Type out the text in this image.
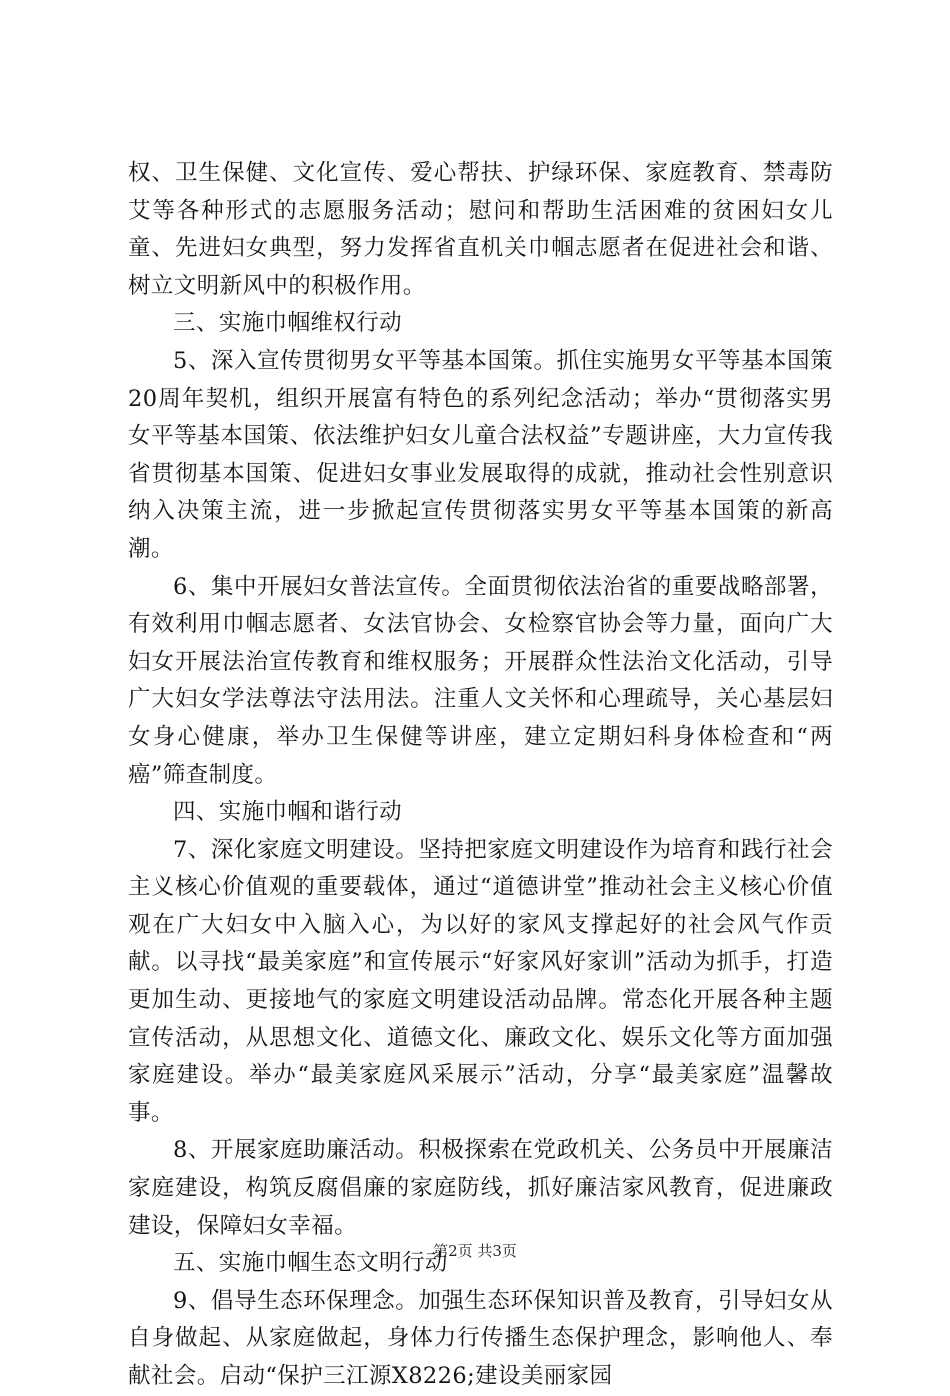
权、卫生保健、文化宣传、爱心帮扶、护绿环保、家庭教育、禁毒防艾等各种形式的志愿服务活动；慰问和帮助生活困难的贫困妇女儿童、先进妇女典型，努力发挥省直机关巾帼志愿者在促进社会和谐、树立文明新风中的积极作用。

三、实施巾帼维权行动

5、深入宣传贯彻男女平等基本国策。抓住实施男女平等基本国策20周年契机，组织开展富有特色的系列纪念活动；举办“贯彻落实男女平等基本国策、依法维护妇女儿童合法权益”专题讲座，大力宣传我省贯彻基本国策、促进妇女事业发展取得的成就，推动社会性别意识纳入决策主流，进一步掀起宣传贯彻落实男女平等基本国策的新高潮。

6、集中开展妇女普法宣传。全面贯彻依法治省的重要战略部署，有效利用巾帼志愿者、女法官协会、女检察官协会等力量，面向广大妇女开展法治宣传教育和维权服务；开展群众性法治文化活动，引导广大妇女学法尊法守法用法。注重人文关怀和心理疏导，关心基层妇女身心健康，举办卫生保健等讲座，建立定期妇科身体检查和“两癌”筛查制度。

四、实施巾帼和谐行动

7、深化家庭文明建设。坚持把家庭文明建设作为培育和践行社会主义核心价值观的重要载体，通过“道德讲堂”推动社会主义核心价值观在广大妇女中入脑入心，为以好的家风支撑起好的社会风气作贡献。以寻找“最美家庭”和宣传展示“好家风好家训”活动为抓手，打造更加生动、更接地气的家庭文明建设活动品牌。常态化开展各种主题宣传活动，从思想文化、道德文化、廉政文化、娱乐文化等方面加强家庭建设。举办“最美家庭风采展示”活动，分享“最美家庭”温馨故事。

8、开展家庭助廉活动。积极探索在党政机关、公务员中开展廉洁家庭建设，构筑反腐倡廉的家庭防线，抓好廉洁家风教育，促进廉政建设，保障妇女幸福。

五、实施巾帼生态文明行动

9、倡导生态环保理念。加强生态环保知识普及教育，引导妇女从自身做起、从家庭做起，身体力行传播生态保护理念，影响他人、奉献社会。启动“保护三江源X8226;建设美丽家园

第2页 共3页
